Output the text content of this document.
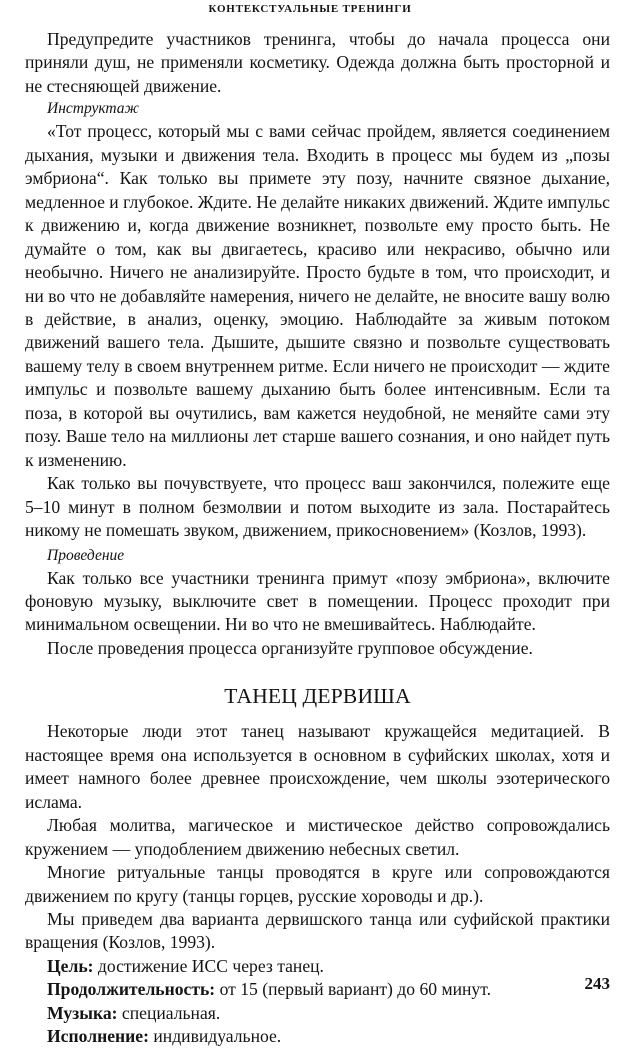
КОНТЕКСТУАЛЬНЫЕ ТРЕНИНГИ

Предупредите участников тренинга, чтобы до начала процесса они приняли душ, не применяли косметику. Одежда должна быть просторной и не стесняющей движение.

Инструктаж

«Тот процесс, который мы с вами сейчас пройдем, является соединением дыхания, музыки и движения тела. Входить в процесс мы будем из „позы эмбриона“. Как только вы примете эту позу, начните связное дыхание, медленное и глубокое. Ждите. Не делайте никаких движений. Ждите импульс к движению и, когда движение возникнет, позвольте ему просто быть. Не думайте о том, как вы двигаетесь, красиво или некрасиво, обычно или необычно. Ничего не анализируйте. Просто будьте в том, что происходит, и ни во что не добавляйте намерения, ничего не делайте, не вносите вашу волю в действие, в анализ, оценку, эмоцию. Наблюдайте за живым потоком движений вашего тела. Дышите, дышите связно и позвольте существовать вашему телу в своем внутреннем ритме. Если ничего не происходит — ждите импульс и позвольте вашему дыханию быть более интенсивным. Если та поза, в которой вы очутились, вам кажется неудобной, не меняйте сами эту позу. Ваше тело на миллионы лет старше вашего сознания, и оно найдет путь к изменению.

Как только вы почувствуете, что процесс ваш закончился, полежите еще 5–10 минут в полном безмолвии и потом выходите из зала. Постарайтесь никому не помешать звуком, движением, прикосновением» (Козлов, 1993).

Проведение

Как только все участники тренинга примут «позу эмбриона», включите фоновую музыку, выключите свет в помещении. Процесс проходит при минимальном освещении. Ни во что не вмешивайтесь. Наблюдайте.

После проведения процесса организуйте групповое обсуждение.

ТАНЕЦ ДЕРВИША

Некоторые люди этот танец называют кружащейся медитацией. В настоящее время она используется в основном в суфийских школах, хотя и имеет намного более древнее происхождение, чем школы эзотерического ислама.

Любая молитва, магическое и мистическое действо сопровождались кружением — уподоблением движению небесных светил.

Многие ритуальные танцы проводятся в круге или сопровождаются движением по кругу (танцы горцев, русские хороводы и др.).

Мы приведем два варианта дервишского танца или суфийской практики вращения (Козлов, 1993).

Цель: достижение ИСС через танец.
Продолжительность: от 15 (первый вариант) до 60 минут.
Музыка: специальная.
Исполнение: индивидуальное.
243
